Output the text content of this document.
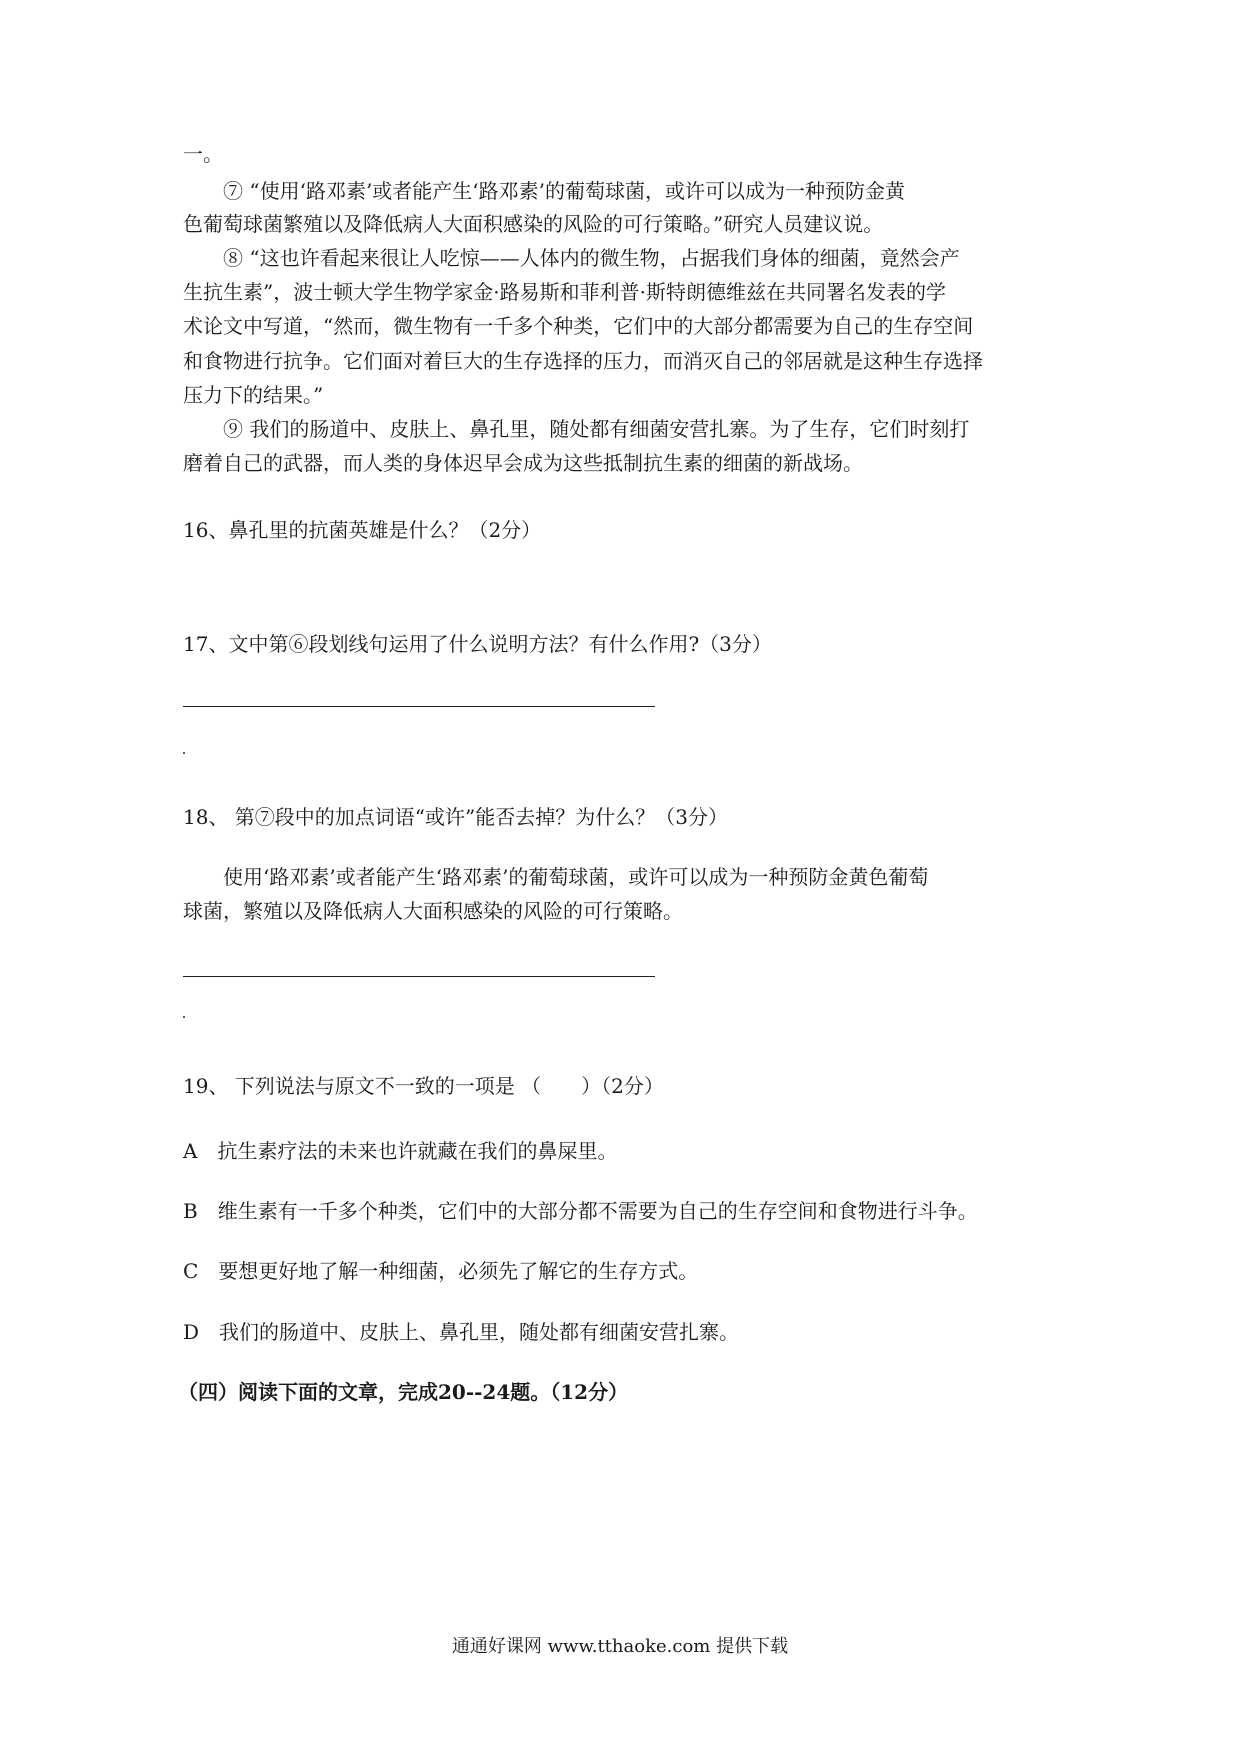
一。
　　⑦ “使用‘路邓素’或者能产生‘路邓素’的葡萄球菌，或许可以成为一种预防金黄
色葡萄球菌繁殖以及降低病人大面积感染的风险的可行策略。”研究人员建议说。
　　⑧ “这也许看起来很让人吃惊——人体内的微生物，占据我们身体的细菌，竟然会产
生抗生素”，波士顿大学生物学家金·路易斯和菲利普·斯特朗德维兹在共同署名发表的学
术论文中写道，“然而，微生物有一千多个种类，它们中的大部分都需要为自己的生存空间
和食物进行抗争。它们面对着巨大的生存选择的压力，而消灭自己的邻居就是这种生存选择
压力下的结果。”
　　⑨ 我们的肠道中、皮肤上、鼻孔里，随处都有细菌安营扎寨。为了生存，它们时刻打
磨着自己的武器，而人类的身体迟早会成为这些抵制抗生素的细菌的新战场。
16、鼻孔里的抗菌英雄是什么？（2分）
17、文中第⑥段划线句运用了什么说明方法？有什么作用?（3分）
18、 第⑦段中的加点词语“或许”能否去掉？为什么？（3分）
　　使用‘路邓素’或者能产生‘路邓素’的葡萄球菌，或许可以成为一种预防金黄色葡萄
球菌，繁殖以及降低病人大面积感染的风险的可行策略。
19、 下列说法与原文不一致的一项是 （　　）（2分）
A　抗生素疗法的未来也许就藏在我们的鼻屎里。
B　维生素有一千多个种类，它们中的大部分都不需要为自己的生存空间和食物进行斗争。
C　要想更好地了解一种细菌，必须先了解它的生存方式。
D　我们的肠道中、皮肤上、鼻孔里，随处都有细菌安营扎寨。
（四）阅读下面的文章，完成20--24题。（12分）
通通好课网 www.tthaoke.com 提供下载
